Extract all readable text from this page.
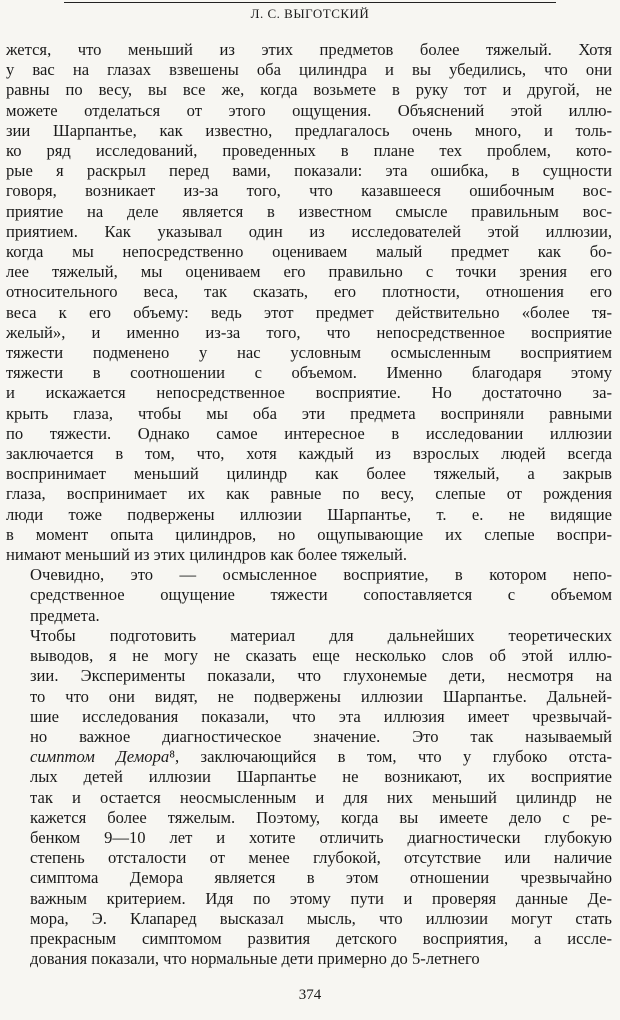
Л. С. ВЫГОТСКИЙ

жется, что меньший из этих предметов более тяжелый. Хотя
у вас на глазах взвешены оба цилиндра и вы убедились, что они
равны по весу, вы все же, когда возьмете в руку тот и другой, не
можете отделаться от этого ощущения. Объяснений этой иллю-
зии Шарпантье, как известно, предлагалось очень много, и толь-
ко ряд исследований, проведенных в плане тех проблем, кото-
рые я раскрыл перед вами, показали: эта ошибка, в сущности
говоря, возникает из-за того, что казавшееся ошибочным вос-
приятие на деле является в известном смысле правильным вос-
приятием. Как указывал один из исследователей этой иллюзии,
когда мы непосредственно оцениваем малый предмет как бо-
лее тяжелый, мы оцениваем его правильно с точки зрения его
относительного веса, так сказать, его плотности, отношения его
веса к его объему: ведь этот предмет действительно «более тя-
желый», и именно из-за того, что непосредственное восприятие
тяжести подменено у нас условным осмысленным восприятием
тяжести в соотношении с объемом. Именно благодаря этому
и искажается непосредственное восприятие. Но достаточно за-
крыть глаза, чтобы мы оба эти предмета восприняли равными
по тяжести. Однако самое интересное в исследовании иллюзии
заключается в том, что, хотя каждый из взрослых людей всегда
воспринимает меньший цилиндр как более тяжелый, а закрыв
глаза, воспринимает их как равные по весу, слепые от рождения
люди тоже подвержены иллюзии Шарпантье, т. е. не видящие
в момент опыта цилиндров, но ощупывающие их слепые воспри-
нимают меньший из этих цилиндров как более тяжелый.

Очевидно, это — осмысленное восприятие, в котором непо-
средственное ощущение тяжести сопоставляется с объемом
предмета.

Чтобы подготовить материал для дальнейших теоретических
выводов, я не могу не сказать еще несколько слов об этой иллю-
зии. Эксперименты показали, что глухонемые дети, несмотря на
то что они видят, не подвержены иллюзии Шарпантье. Дальней-
шие исследования показали, что эта иллюзия имеет чрезвычай-
но важное диагностическое значение. Это так называемый
симптом Демора⁸, заключающийся в том, что у глубоко отста-
лых детей иллюзии Шарпантье не возникают, их восприятие
так и остается неосмысленным и для них меньший цилиндр не
кажется более тяжелым. Поэтому, когда вы имеете дело с ре-
бенком 9—10 лет и хотите отличить диагностически глубокую
степень отсталости от менее глубокой, отсутствие или наличие
симптома Демора является в этом отношении чрезвычайно
важным критерием. Идя по этому пути и проверяя данные Де-
мора, Э. Клапаред высказал мысль, что иллюзии могут стать
прекрасным симптомом развития детского восприятия, а иссле-
дования показали, что нормальные дети примерно до 5-летнего

374
